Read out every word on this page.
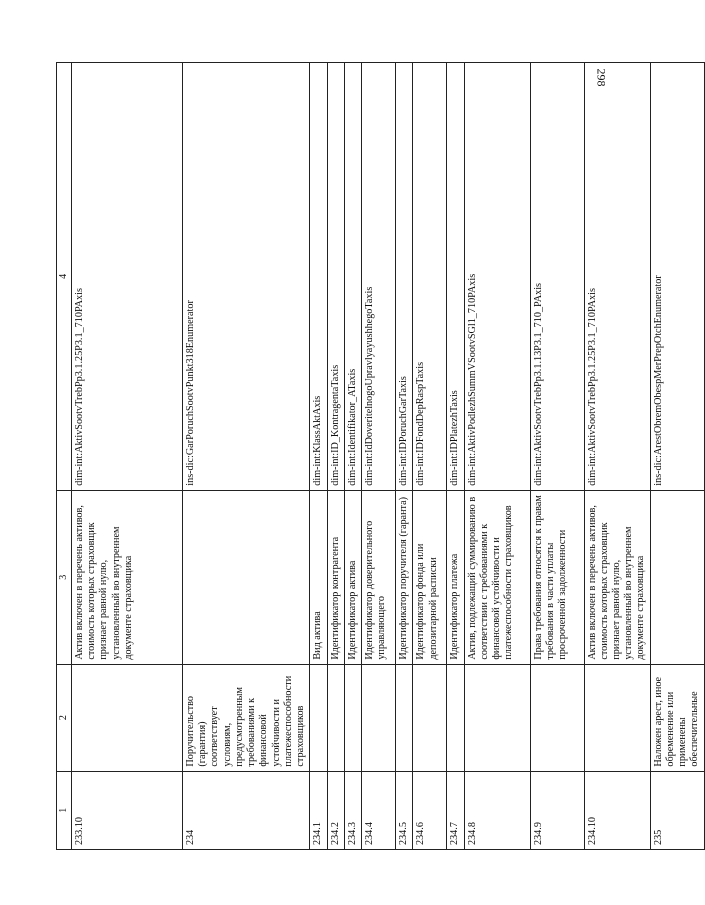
298
1	2	3	4
233.10		Актив включен в перечень активов, стоимость которых страховщик признает равной нулю, установленный во внутреннем документе страховщика	dim-int:AktivSootvTrebPp3.1.25P3.1_710PAxis
234	Поручительство (гарантия) соответствует условиям, предусмотренным требованиями к финансовой устойчивости и платежеспособности страховщиков		ins-dic:GarPoruchSootvPunkt318Enumerator
234.1		Вид актива	dim-int:KlassAktAxis
234.2		Идентификатор контрагента	dim-int:ID_KontragentaTaxis
234.3		Идентификатор актива	dim-int:Identifikator_ATaxis
234.4		Идентификатор доверительного управляющего	dim-int:IdDoveritelnogoUpravlyayushhegoTaxis
234.5		Идентификатор поручителя (гаранта)	dim-int:IDPoruchGarTaxis
234.6		Идентификатор фонда или депозитарной расписки	dim-int:IDFondDepRaspTaxis
234.7		Идентификатор платежа	dim-int:IDPlatezhTaxis
234.8		Актив, подлежащий суммированию в соответствии с требованиями к финансовой устойчивости и платежеспособности страховщиков	dim-int:AktivPodlezhSummVSootvSGl1_710PAxis
234.9		Права требования относятся к правам требования в части уплаты просроченной задолженности	dim-int:AktivSootvTrebPp3.1.13P3.1_710_PAxis
234.10		Актив включен в перечень активов, стоимость которых страховщик признает равной нулю, установленный во внутреннем документе страховщика	dim-int:AktivSootvTrebPp3.1.25P3.1_710PAxis
235	Наложен арест, иное обременение или применены обеспечительные		ins-dic:ArestObremObespMerPrepOtchEnumerator
